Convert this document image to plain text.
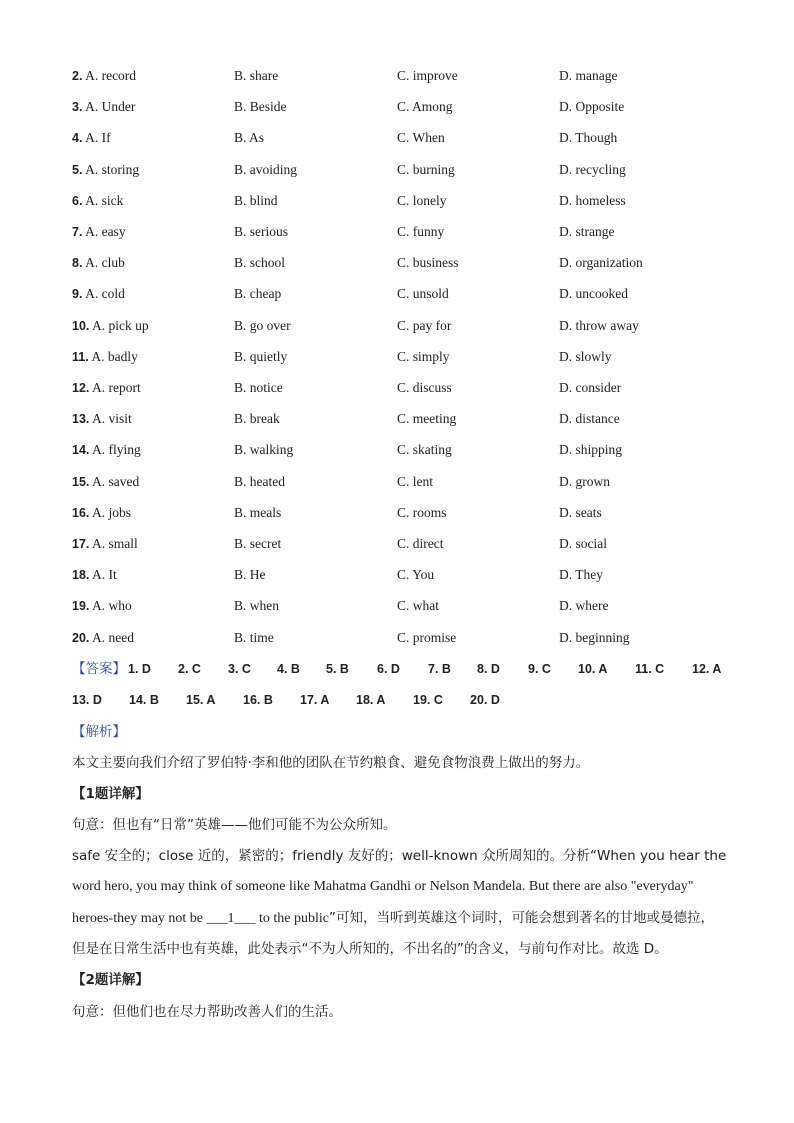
2. A. record	B. share	C. improve	D. manage
3. A. Under	B. Beside	C. Among	D. Opposite
4. A. If	B. As	C. When	D. Though
5. A. storing	B. avoiding	C. burning	D. recycling
6. A. sick	B. blind	C. lonely	D. homeless
7. A. easy	B. serious	C. funny	D. strange
8. A. club	B. school	C. business	D. organization
9. A. cold	B. cheap	C. unsold	D. uncooked
10. A. pick up	B. go over	C. pay for	D. throw away
11. A. badly	B. quietly	C. simply	D. slowly
12. A. report	B. notice	C. discuss	D. consider
13. A. visit	B. break	C. meeting	D. distance
14. A. flying	B. walking	C. skating	D. shipping
15. A. saved	B. heated	C. lent	D. grown
16. A. jobs	B. meals	C. rooms	D. seats
17. A. small	B. secret	C. direct	D. social
18. A. It	B. He	C. You	D. They
19. A. who	B. when	C. what	D. where
20. A. need	B. time	C. promise	D. beginning
【答案】 1. D 2. C 3. C 4. B 5. B 6. D 7. B 8. D 9. C 10. A 11. C 12. A
13. D 14. B 15. A 16. B 17. A 18. A 19. C 20. D
【解析】
本文主要向我们介绍了罗伯特·李和他的团队在节约粮食、避免食物浪费上做出的努力。
【1题详解】
句意：但也有“日常”英雄——他们可能不为公众所知。
safe 安全的；close 近的，紧密的；friendly 友好的；well-known 众所周知的。分析“When you hear the
word hero, you may think of someone like Mahatma Gandhi or Nelson Mandela. But there are also "everyday"
heroes-they may not be ___1___ to the public”可知，当听到英雄这个词时，可能会想到著名的甘地或曼德拉，
但是在日常生活中也有英雄，此处表示“不为人所知的，不出名的”的含义，与前句作对比。故选 D。
【2题详解】
句意：但他们也在尽力帮助改善人们的生活。
